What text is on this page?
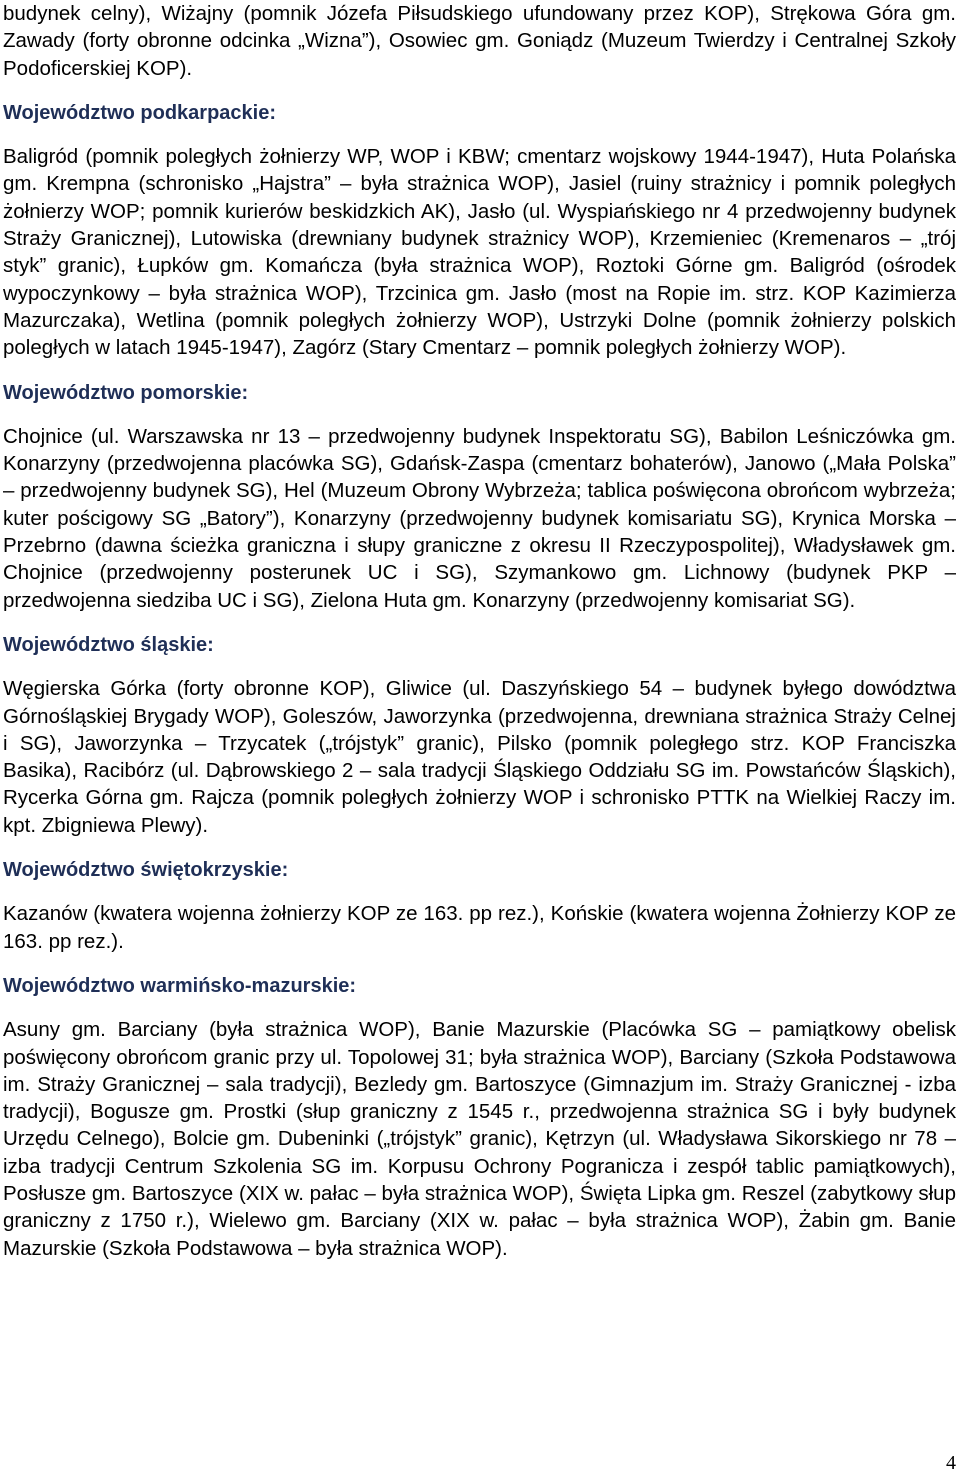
budynek celny), Wiżajny (pomnik Józefa Piłsudskiego ufundowany przez KOP), Strękowa Góra gm. Zawady (forty obronne odcinka „Wizna”), Osowiec gm. Goniądz (Muzeum Twierdzy i Centralnej Szkoły Podoficerskiej KOP).

Województwo podkarpackie:

Baligród (pomnik poległych żołnierzy WP, WOP i KBW; cmentarz wojskowy 1944-1947), Huta Polańska gm. Krempna (schronisko „Hajstra” – była strażnica WOP), Jasiel (ruiny strażnicy i pomnik poległych żołnierzy WOP; pomnik kurierów beskidzkich AK), Jasło (ul. Wyspiańskiego nr 4 przedwojenny budynek Straży Granicznej), Lutowiska (drewniany budynek strażnicy WOP), Krzemieniec (Kremenaros – „trój styk” granic), Łupków gm. Komańcza (była strażnica WOP), Roztoki Górne gm. Baligród (ośrodek wypoczynkowy – była strażnica WOP), Trzcinica gm. Jasło (most na Ropie im. strz. KOP Kazimierza Mazurczaka), Wetlina (pomnik poległych żołnierzy WOP), Ustrzyki Dolne (pomnik żołnierzy polskich poległych w latach 1945-1947), Zagórz (Stary Cmentarz – pomnik poległych żołnierzy WOP).

Województwo pomorskie:

Chojnice (ul. Warszawska nr 13 – przedwojenny budynek Inspektoratu SG), Babilon Leśniczówka gm. Konarzyny (przedwojenna placówka SG), Gdańsk-Zaspa (cmentarz bohaterów), Janowo („Mała Polska” – przedwojenny budynek SG), Hel (Muzeum Obrony Wybrzeża; tablica poświęcona obrońcom wybrzeża; kuter pościgowy SG „Batory”), Konarzyny (przedwojenny budynek komisariatu SG), Krynica Morska – Przebrno (dawna ścieżka graniczna i słupy graniczne z okresu II Rzeczypospolitej), Władysławek gm. Chojnice (przedwojenny posterunek UC i SG), Szymankowo gm. Lichnowy (budynek PKP – przedwojenna siedziba UC i SG), Zielona Huta gm. Konarzyny (przedwojenny komisariat SG).

Województwo śląskie:

Węgierska Górka (forty obronne KOP), Gliwice (ul. Daszyńskiego 54 – budynek byłego dowództwa Górnośląskiej Brygady WOP), Goleszów, Jaworzynka (przedwojenna, drewniana strażnica Straży Celnej i SG), Jaworzynka – Trzycatek („trójstyk” granic), Pilsko (pomnik poległego strz. KOP Franciszka Basika), Racibórz (ul. Dąbrowskiego 2 – sala tradycji Śląskiego Oddziału SG im. Powstańców Śląskich), Rycerka Górna gm. Rajcza (pomnik poległych żołnierzy WOP i schronisko PTTK na Wielkiej Raczy im. kpt. Zbigniewa Plewy).

Województwo świętokrzyskie:

Kazanów (kwatera wojenna żołnierzy KOP ze 163. pp rez.), Końskie (kwatera wojenna Żołnierzy KOP ze 163. pp rez.).

Województwo warmińsko-mazurskie:

Asuny gm. Barciany (była strażnica WOP), Banie Mazurskie (Placówka SG – pamiątkowy obelisk poświęcony obrońcom granic przy ul. Topolowej 31; była strażnica WOP), Barciany (Szkoła Podstawowa im. Straży Granicznej – sala tradycji), Bezledy gm. Bartoszyce (Gimnazjum im. Straży Granicznej - izba tradycji), Bogusze gm. Prostki (słup graniczny z 1545 r., przedwojenna strażnica SG i były budynek Urzędu Celnego), Bolcie gm. Dubeninki („trójstyk” granic), Kętrzyn (ul. Władysława Sikorskiego nr 78 – izba tradycji Centrum Szkolenia SG im. Korpusu Ochrony Pogranicza i zespół tablic pamiątkowych), Posłusze gm. Bartoszyce (XIX w. pałac – była strażnica WOP), Święta Lipka gm. Reszel (zabytkowy słup graniczny z 1750 r.), Wielewo gm. Barciany (XIX w. pałac – była strażnica WOP), Żabin gm. Banie Mazurskie (Szkoła Podstawowa – była strażnica WOP).

4
